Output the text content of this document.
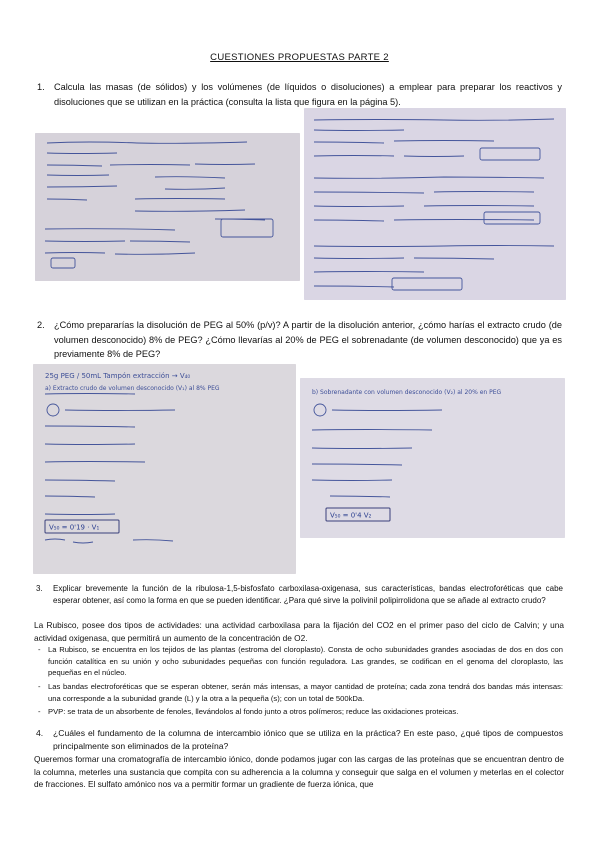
CUESTIONES PROPUESTAS PARTE 2
1. Calcula las masas (de sólidos) y los volúmenes (de líquidos o disoluciones) a emplear para preparar los reactivos y disoluciones que se utilizan en la práctica (consulta la lista que figura en la página 5).
2. ¿Cómo prepararías la disolución de PEG al 50% (p/v)? A partir de la disolución anterior, ¿cómo harías el extracto crudo (de volumen desconocido) 8% de PEG? ¿Cómo llevarías al 20% de PEG el sobrenadante (de volumen desconocido) que ya es previamente 8% de PEG?
25g PEG / 50mL Tampón extracción → V₄₀
a) Extracto crudo de volumen desconocido (V₁) al 8% PEG
V₅₀ = 0'19 · V₁
b) Sobrenadante con volumen desconocido (V₂) al 20% en PEG
V₅₀ = 0'4 V₂
3. Explicar brevemente la función de la ribulosa-1,5-bisfosfato carboxilasa-oxigenasa, sus características, bandas electroforéticas que cabe esperar obtener, así como la forma en que se pueden identificar. ¿Para qué sirve la polivinil polipirrolidona que se añade al extracto crudo?
La Rubisco, posee dos tipos de actividades: una actividad carboxilasa para la fijación del CO2 en el primer paso del ciclo de Calvin; y una actividad oxigenasa, que permitirá un aumento de la concentración de O2.
- La Rubisco, se encuentra en los tejidos de las plantas (estroma del cloroplasto). Consta de ocho subunidades grandes asociadas de dos en dos con función catalítica en su unión y ocho subunidades pequeñas con función reguladora. Las grandes, se codifican en el genoma del cloroplasto, las pequeñas en el núcleo.
- Las bandas electroforéticas que se esperan obtener, serán más intensas, a mayor cantidad de proteína; cada zona tendrá dos bandas más intensas: una corresponde a la subunidad grande (L) y la otra a la pequeña (s); con un total de 500kDa.
- PVP: se trata de un absorbente de fenoles, llevándolos al fondo junto a otros polímeros; reduce las oxidaciones proteicas.
4. ¿Cuáles el fundamento de la columna de intercambio iónico que se utiliza en la práctica? En este paso, ¿qué tipos de compuestos principalmente son eliminados de la proteína?
Queremos formar una cromatografía de intercambio iónico, donde podamos jugar con las cargas de las proteínas que se encuentran dentro de la columna, meterles una sustancia que compita con su adherencia a la columna y conseguir que salga en el volumen y meterlas en el colector de fracciones. El sulfato amónico nos va a permitir formar un gradiente de fuerza iónica, que
